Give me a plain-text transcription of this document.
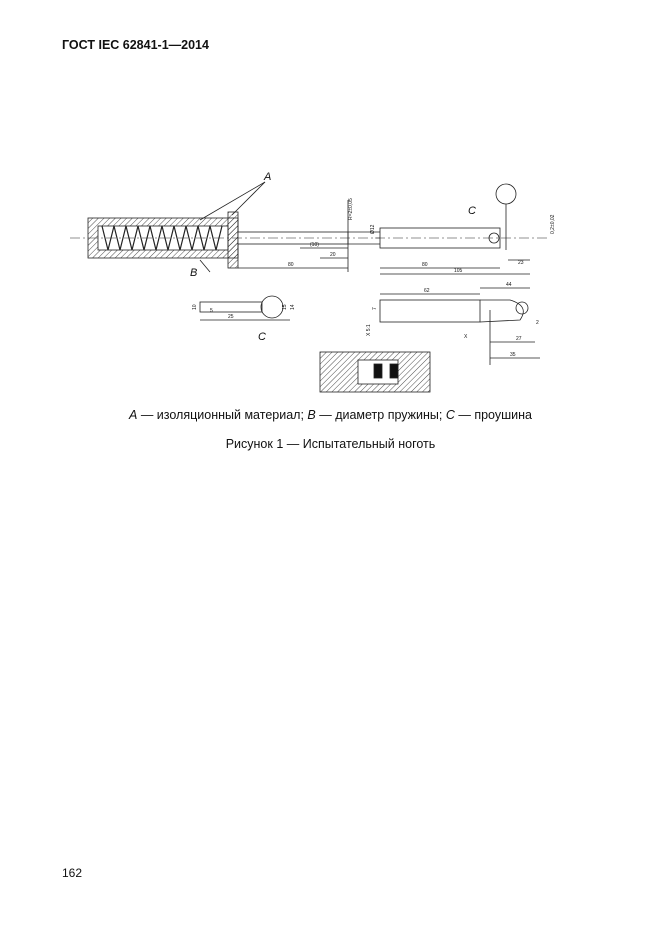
ГОСТ IEC 62841-1—2014
A
B
C
C
80
20
(10)
80
105
23
62
44
27
35
25
2
R=2±0,05
Ø12	0,2±0,02
15 14
10
5
X
X 5:1
7
A — изоляционный материал; B — диаметр пружины; C — проушина
Рисунок 1 — Испытательный ноготь
162
